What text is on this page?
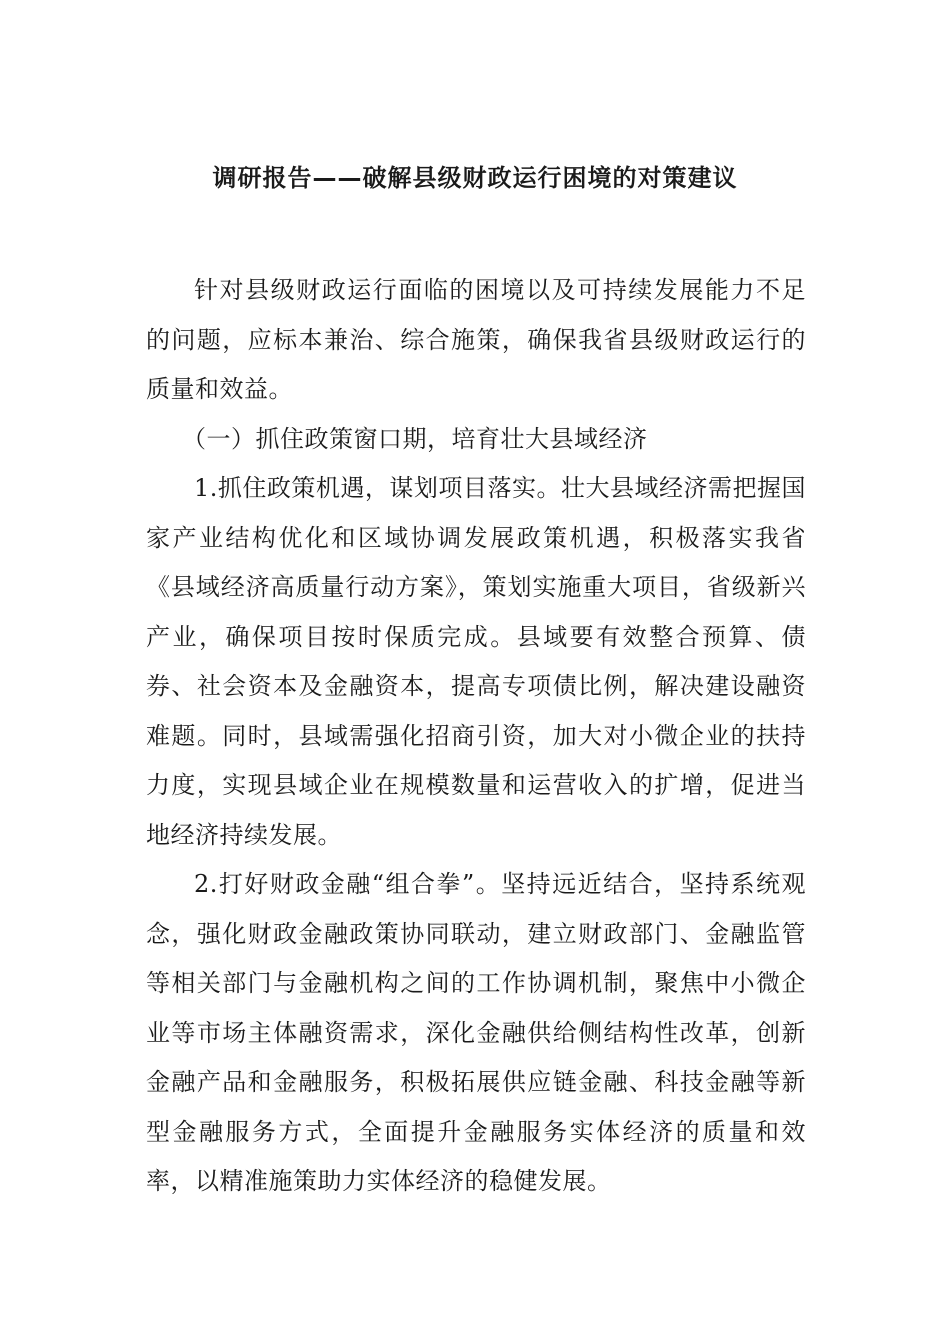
调研报告——破解县级财政运行困境的对策建议

针对县级财政运行面临的困境以及可持续发展能力不足的问题，应标本兼治、综合施策，确保我省县级财政运行的质量和效益。

（一）抓住政策窗口期，培育壮大县域经济

1.抓住政策机遇，谋划项目落实。壮大县域经济需把握国家产业结构优化和区域协调发展政策机遇，积极落实我省《县域经济高质量行动方案》，策划实施重大项目，省级新兴产业，确保项目按时保质完成。县域要有效整合预算、债券、社会资本及金融资本，提高专项债比例，解决建设融资难题。同时，县域需强化招商引资，加大对小微企业的扶持力度，实现县域企业在规模数量和运营收入的扩增，促进当地经济持续发展。

2.打好财政金融“组合拳”。坚持远近结合，坚持系统观念，强化财政金融政策协同联动，建立财政部门、金融监管等相关部门与金融机构之间的工作协调机制，聚焦中小微企业等市场主体融资需求，深化金融供给侧结构性改革，创新金融产品和金融服务，积极拓展供应链金融、科技金融等新型金融服务方式，全面提升金融服务实体经济的质量和效率，以精准施策助力实体经济的稳健发展。
